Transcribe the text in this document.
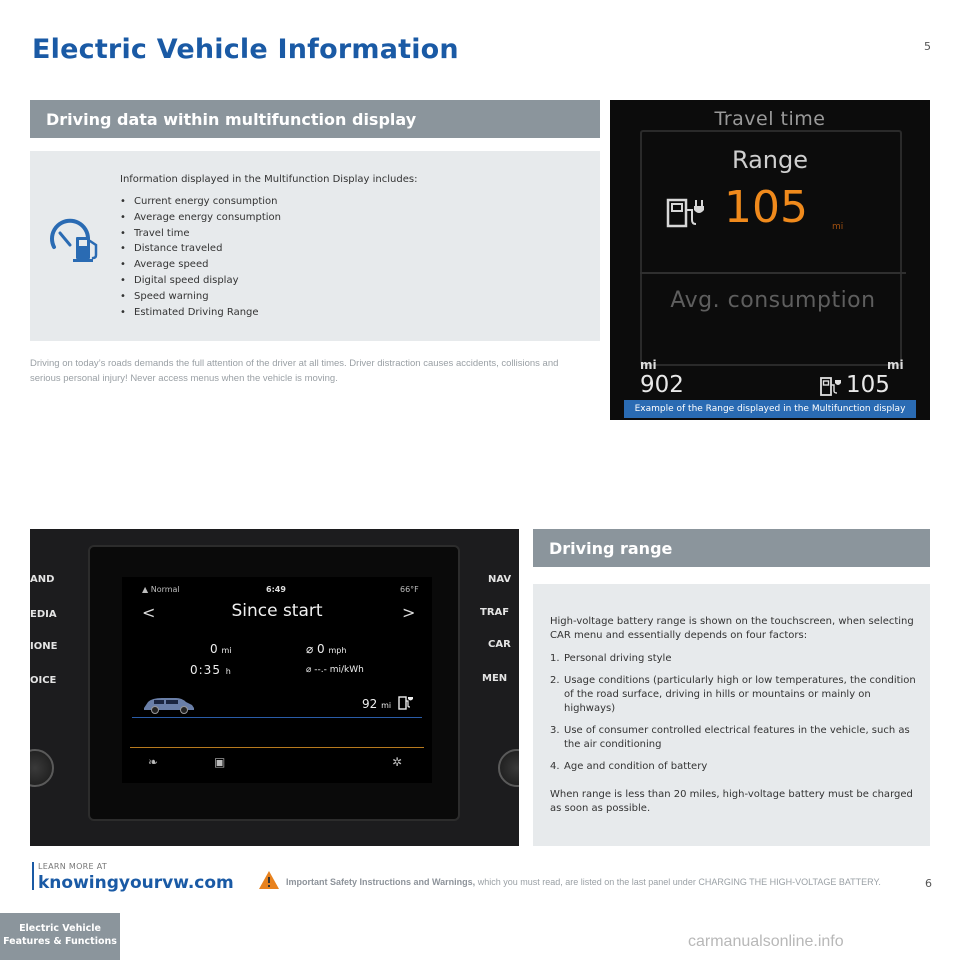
Electric Vehicle Information	5
Driving data within multifunction display
Information displayed in the Multifunction Display includes:
• Current energy consumption
• Average energy consumption
• Travel time
• Distance traveled
• Average speed
• Digital speed display
• Speed warning
• Estimated Driving Range
Driving on today’s roads demands the full attention of the driver at all times. Driver distraction causes accidents, collisions and serious personal injury! Never access menus when the vehicle is moving.
Travel time
Range
105	mi
Avg. consumption
mi	mi
902	105
Example of the Range displayed in the Multifunction display
AND
EDIA
IONE
OICE
NAV
TRAF
CAR
MEN
▲ Normal	6:49	66°F
Since start
<	>
0 mi	⌀ 0 mph
0:35 h	⌀ --.- mi/kWh
92 mi
❧	▣	✲
Driving range
High-voltage battery range is shown on the touchscreen, when selecting CAR menu and essentially depends on four factors:
1. Personal driving style
2. Usage conditions (particularly high or low temperatures, the condition of the road surface, driving in hills or mountains or mainly on highways)
3. Use of consumer controlled electrical features in the vehicle, such as the air conditioning
4. Age and condition of battery
When range is less than 20 miles, high-voltage battery must be charged as soon as possible.
LEARN MORE AT
knowingyourvw.com	Important Safety Instructions and Warnings, which you must read, are listed on the last panel under CHARGING THE HIGH-VOLTAGE BATTERY.	6
Electric Vehicle
Features & Functions	carmanualsonline.info
